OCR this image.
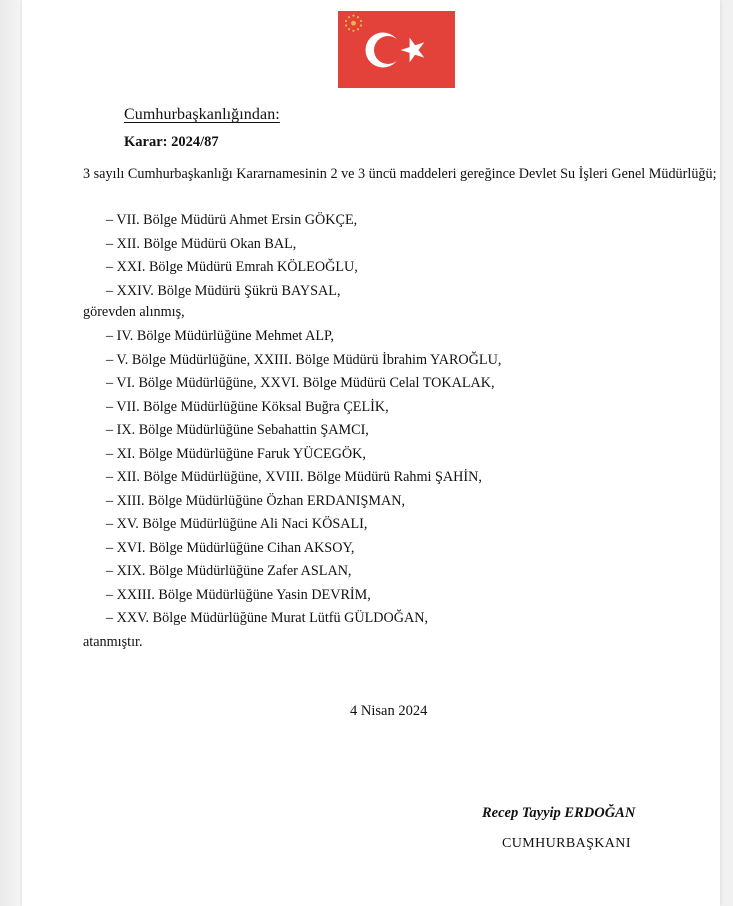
Cumhurbaşkanlığından:
Karar: 2024/87
3 sayılı Cumhurbaşkanlığı Kararnamesinin 2 ve 3 üncü maddeleri gereğince Devlet Su İşleri Genel Müdürlüğü;
– VII. Bölge Müdürü Ahmet Ersin GÖKÇE,
– XII. Bölge Müdürü Okan BAL,
– XXI. Bölge Müdürü Emrah KÖLEOĞLU,
– XXIV. Bölge Müdürü Şükrü BAYSAL,
görevden alınmış,
– IV. Bölge Müdürlüğüne Mehmet ALP,
– V. Bölge Müdürlüğüne, XXIII. Bölge Müdürü İbrahim YAROĞLU,
– VI. Bölge Müdürlüğüne, XXVI. Bölge Müdürü Celal TOKALAK,
– VII. Bölge Müdürlüğüne Köksal Buğra ÇELİK,
– IX. Bölge Müdürlüğüne Sebahattin ŞAMCI,
– XI. Bölge Müdürlüğüne Faruk YÜCEGÖK,
– XII. Bölge Müdürlüğüne, XVIII. Bölge Müdürü Rahmi ŞAHİN,
– XIII. Bölge Müdürlüğüne Özhan ERDANIŞMAN,
– XV. Bölge Müdürlüğüne Ali Naci KÖSALI,
– XVI. Bölge Müdürlüğüne Cihan AKSOY,
– XIX. Bölge Müdürlüğüne Zafer ASLAN,
– XXIII. Bölge Müdürlüğüne Yasin DEVRİM,
– XXV. Bölge Müdürlüğüne Murat Lütfü GÜLDOĞAN,
atanmıştır.
4 Nisan 2024
Recep Tayyip ERDOĞAN
CUMHURBAŞKANI
